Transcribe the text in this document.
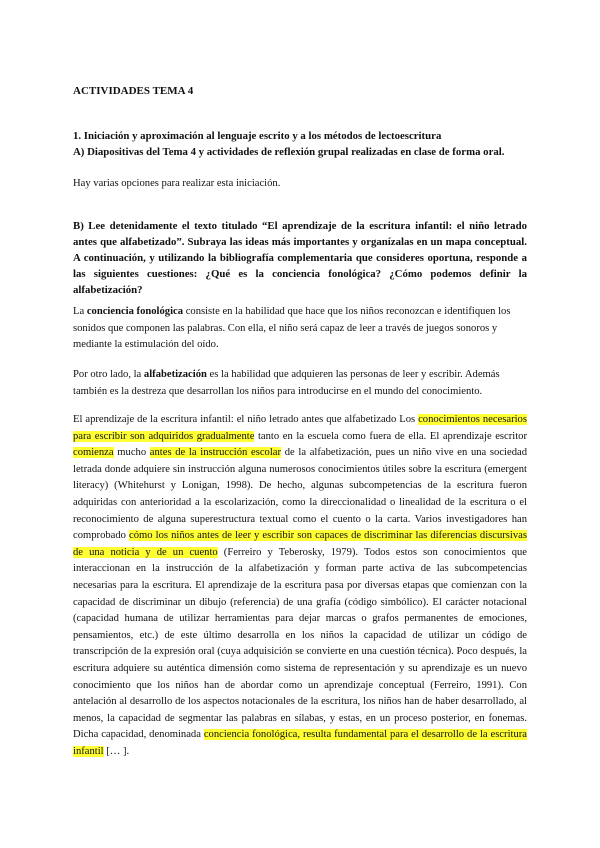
ACTIVIDADES TEMA 4
1. Iniciación y aproximación al lenguaje escrito y a los métodos de lectoescritura
A) Diapositivas del Tema 4 y actividades de reflexión grupal realizadas en clase de forma oral.
Hay varias opciones para realizar esta iniciación.
B) Lee detenidamente el texto titulado “El aprendizaje de la escritura infantil: el niño letrado antes que alfabetizado”. Subraya las ideas más importantes y organízalas en un mapa conceptual. A continuación, y utilizando la bibliografía complementaria que consideres oportuna, responde a las siguientes cuestiones: ¿Qué es la conciencia fonológica? ¿Cómo podemos definir la alfabetización?
La conciencia fonológica consiste en la habilidad que hace que los niños reconozcan e identifiquen los sonidos que componen las palabras. Con ella, el niño será capaz de leer a través de juegos sonoros y mediante la estimulación del oído.
Por otro lado, la alfabetización es la habilidad que adquieren las personas de leer y escribir. Además también es la destreza que desarrollan los niños para introducirse en el mundo del conocimiento.
El aprendizaje de la escritura infantil: el niño letrado antes que alfabetizado Los conocimientos necesarios para escribir son adquiridos gradualmente tanto en la escuela como fuera de ella. El aprendizaje escritor comienza mucho antes de la instrucción escolar de la alfabetización, pues un niño vive en una sociedad letrada donde adquiere sin instrucción alguna numerosos conocimientos útiles sobre la escritura (emergent literacy) (Whitehurst y Lonigan, 1998). De hecho, algunas subcompetencias de la escritura fueron adquiridas con anterioridad a la escolarización, como la direccionalidad o linealidad de la escritura o el reconocimiento de alguna superestructura textual como el cuento o la carta. Varios investigadores han comprobado cómo los niños antes de leer y escribir son capaces de discriminar las diferencias discursivas de una noticia y de un cuento (Ferreiro y Teberosky, 1979). Todos estos son conocimientos que interaccionan en la instrucción de la alfabetización y forman parte activa de las subcompetencias necesarias para la escritura. El aprendizaje de la escritura pasa por diversas etapas que comienzan con la capacidad de discriminar un dibujo (referencia) de una grafía (código simbólico). El carácter notacional (capacidad humana de utilizar herramientas para dejar marcas o grafos permanentes de emociones, pensamientos, etc.) de este último desarrolla en los niños la capacidad de utilizar un código de transcripción de la expresión oral (cuya adquisición se convierte en una cuestión técnica). Poco después, la escritura adquiere su auténtica dimensión como sistema de representación y su aprendizaje es un nuevo conocimiento que los niños han de abordar como un aprendizaje conceptual (Ferreiro, 1991). Con antelación al desarrollo de los aspectos notacionales de la escritura, los niños han de haber desarrollado, al menos, la capacidad de segmentar las palabras en sílabas, y estas, en un proceso posterior, en fonemas. Dicha capacidad, denominada conciencia fonológica, resulta fundamental para el desarrollo de la escritura infantil [… ].
